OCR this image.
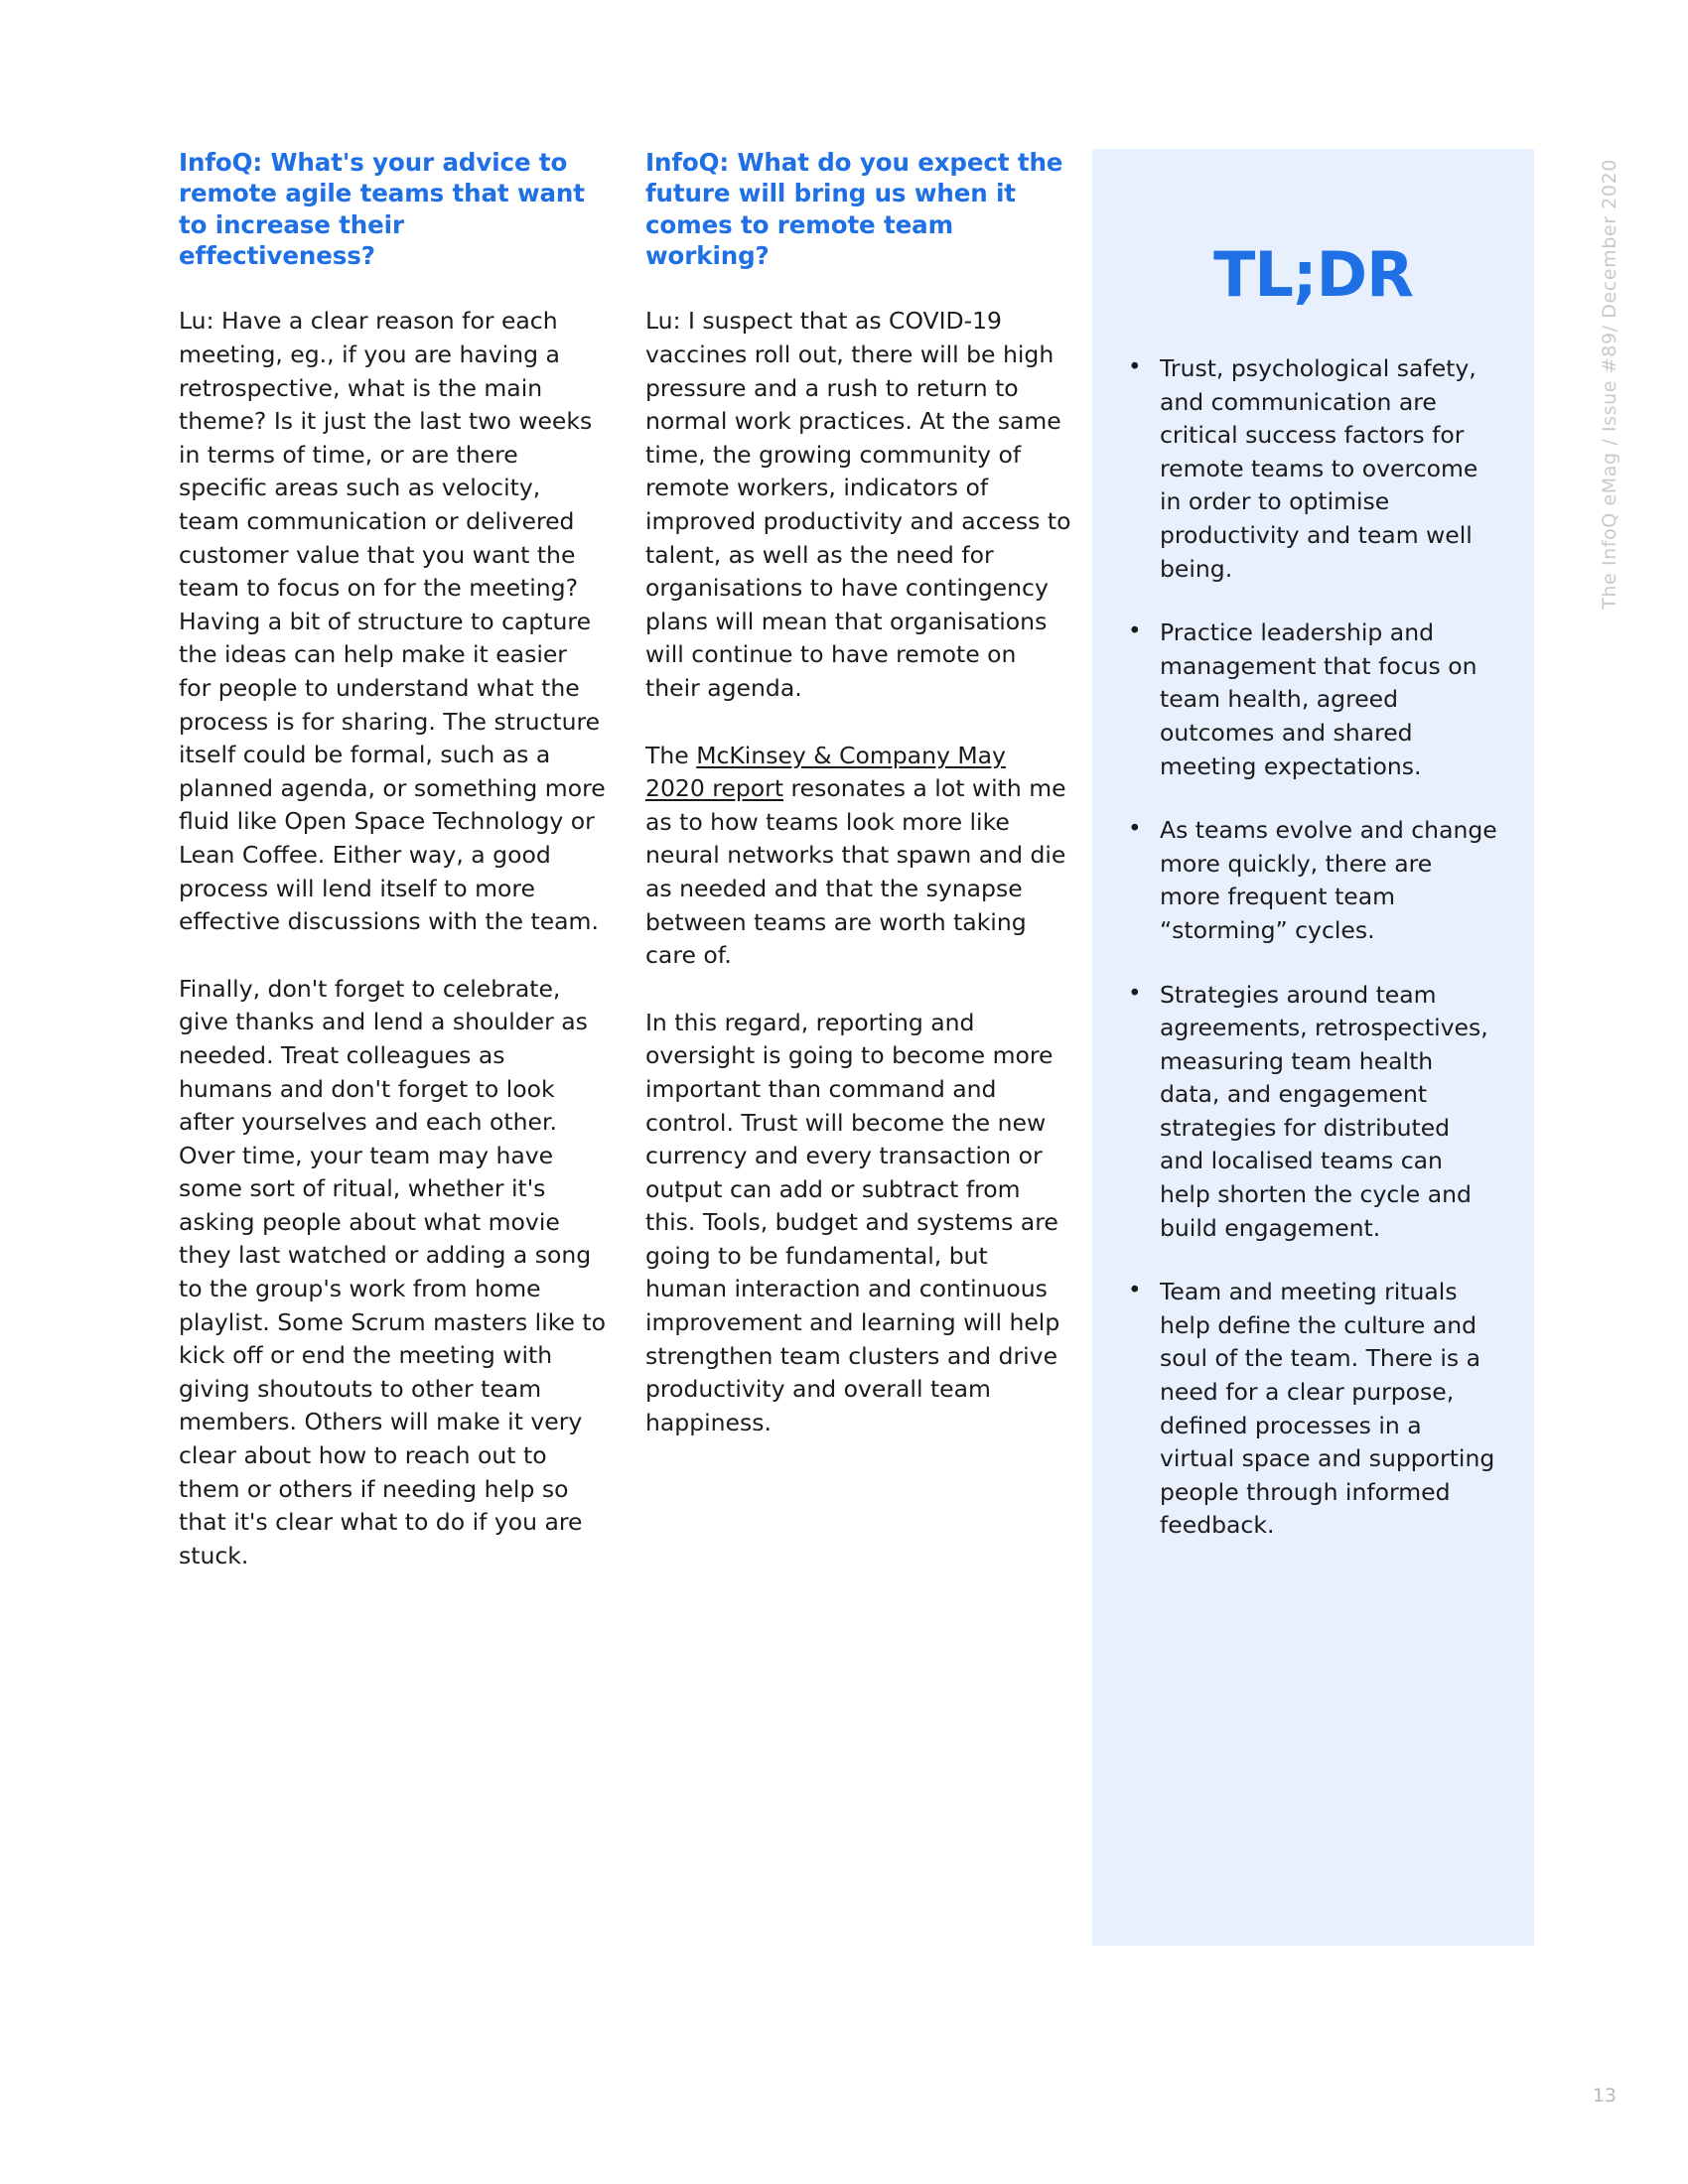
InfoQ: What's your advice to remote agile teams that want to increase their effectiveness?

Lu: Have a clear reason for each meeting, eg., if you are having a retrospective, what is the main theme? Is it just the last two weeks in terms of time, or are there specific areas such as velocity, team communication or delivered customer value that you want the team to focus on for the meeting? Having a bit of structure to capture the ideas can help make it easier for people to understand what the process is for sharing. The structure itself could be formal, such as a planned agenda, or something more fluid like Open Space Technology or Lean Coffee. Either way, a good process will lend itself to more effective discussions with the team.

Finally, don't forget to celebrate, give thanks and lend a shoulder as needed. Treat colleagues as humans and don't forget to look after yourselves and each other. Over time, your team may have some sort of ritual, whether it's asking people about what movie they last watched or adding a song to the group's work from home playlist. Some Scrum masters like to kick off or end the meeting with giving shoutouts to other team members. Others will make it very clear about how to reach out to them or others if needing help so that it's clear what to do if you are stuck.

InfoQ: What do you expect the future will bring us when it comes to remote team working?

Lu: I suspect that as COVID-19 vaccines roll out, there will be high pressure and a rush to return to normal work practices. At the same time, the growing community of remote workers, indicators of improved productivity and access to talent, as well as the need for organisations to have contingency plans will mean that organisations will continue to have remote on their agenda.

The McKinsey & Company May 2020 report resonates a lot with me as to how teams look more like neural networks that spawn and die as needed and that the synapse between teams are worth taking care of.

In this regard, reporting and oversight is going to become more important than command and control. Trust will become the new currency and every transaction or output can add or subtract from this. Tools, budget and systems are going to be fundamental, but human interaction and continuous improvement and learning will help strengthen team clusters and drive productivity and overall team happiness.

TL;DR
• Trust, psychological safety, and communication are critical success factors for remote teams to overcome in order to optimise productivity and team well being.
• Practice leadership and management that focus on team health, agreed outcomes and shared meeting expectations.
• As teams evolve and change more quickly, there are more frequent team “storming” cycles.
• Strategies around team agreements, retrospectives, measuring team health data, and engagement strategies for distributed and localised teams can help shorten the cycle and build engagement.
• Team and meeting rituals help define the culture and soul of the team. There is a need for a clear purpose, defined processes in a virtual space and supporting people through informed feedback.
The InfoQ eMag / Issue #89/ December 2020
13
